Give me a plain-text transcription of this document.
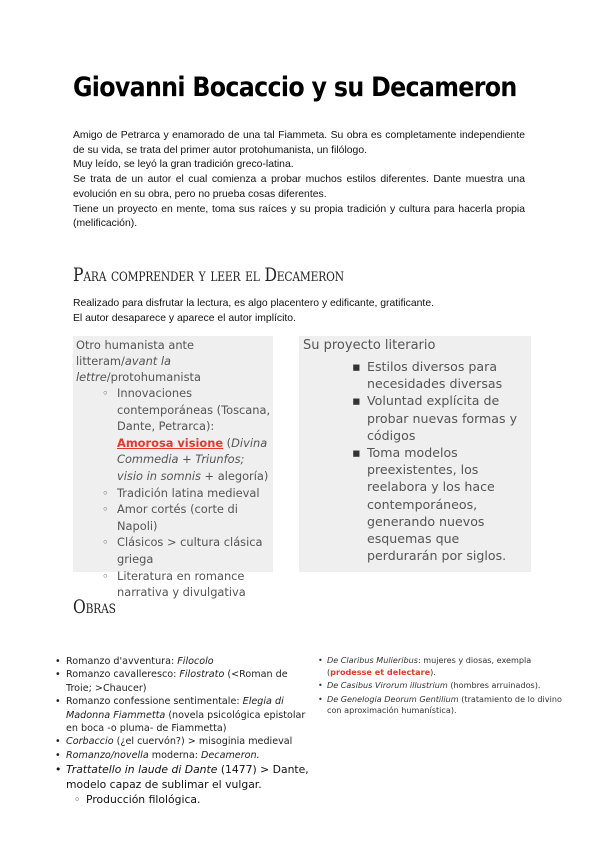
Giovanni Bocaccio y su Decameron

Amigo de Petrarca y enamorado de una tal Fiammeta. Su obra es completamente independiente de su vida, se trata del primer autor protohumanista, un filólogo.

Muy leído, se leyó la gran tradición greco-latina.

Se trata de un autor el cual comienza a probar muchos estilos diferentes. Dante muestra una evolución en su obra, pero no prueba cosas diferentes.

Tiene un proyecto en mente, toma sus raíces y su propia tradición y cultura para hacerla propia (melificación).

Para comprender y leer el Decameron

Realizado para disfrutar la lectura, es algo placentero y edificante, gratificante.

El autor desaparece y aparece el autor implícito.

Otro humanista ante litteram/avant la lettre/protohumanista
◦ Innovaciones contemporáneas (Toscana, Dante, Petrarca): Amorosa visione (Divina Commedia + Triunfos; visio in somnis + alegoría)
◦ Tradición latina medieval
◦ Amor cortés (corte di Napoli)
◦ Clásicos > cultura clásica griega
◦ Literatura en romance narrativa y divulgativa
Su proyecto literario
▪ Estilos diversos para necesidades diversas
▪ Voluntad explícita de probar nuevas formas y códigos
▪ Toma modelos preexistentes, los reelabora y los hace contemporáneos, generando nuevos esquemas que perdurarán por siglos.
Obras
• Romanzo d'avventura: Filocolo
• Romanzo cavalleresco: Filostrato (<Roman de Troie; >Chaucer)
• Romanzo confessione sentimentale: Elegia di Madonna Fiammetta (novela psicológica epistolar en boca -o pluma- de Fiammetta)
• Corbaccio (¿el cuervón?) > misoginia medieval
• Romanzo/novella moderna: Decameron.
• Trattatello in laude di Dante (1477) > Dante, modelo capaz de sublimar el vulgar.
◦ Producción filológica.
• De Claribus Mulieribus: mujeres y diosas, exempla (prodesse et delectare).
• De Casibus Virorum illustrium (hombres arruinados).
• De Genelogia Deorum Gentilium (tratamiento de lo divino con aproximación humanística).
